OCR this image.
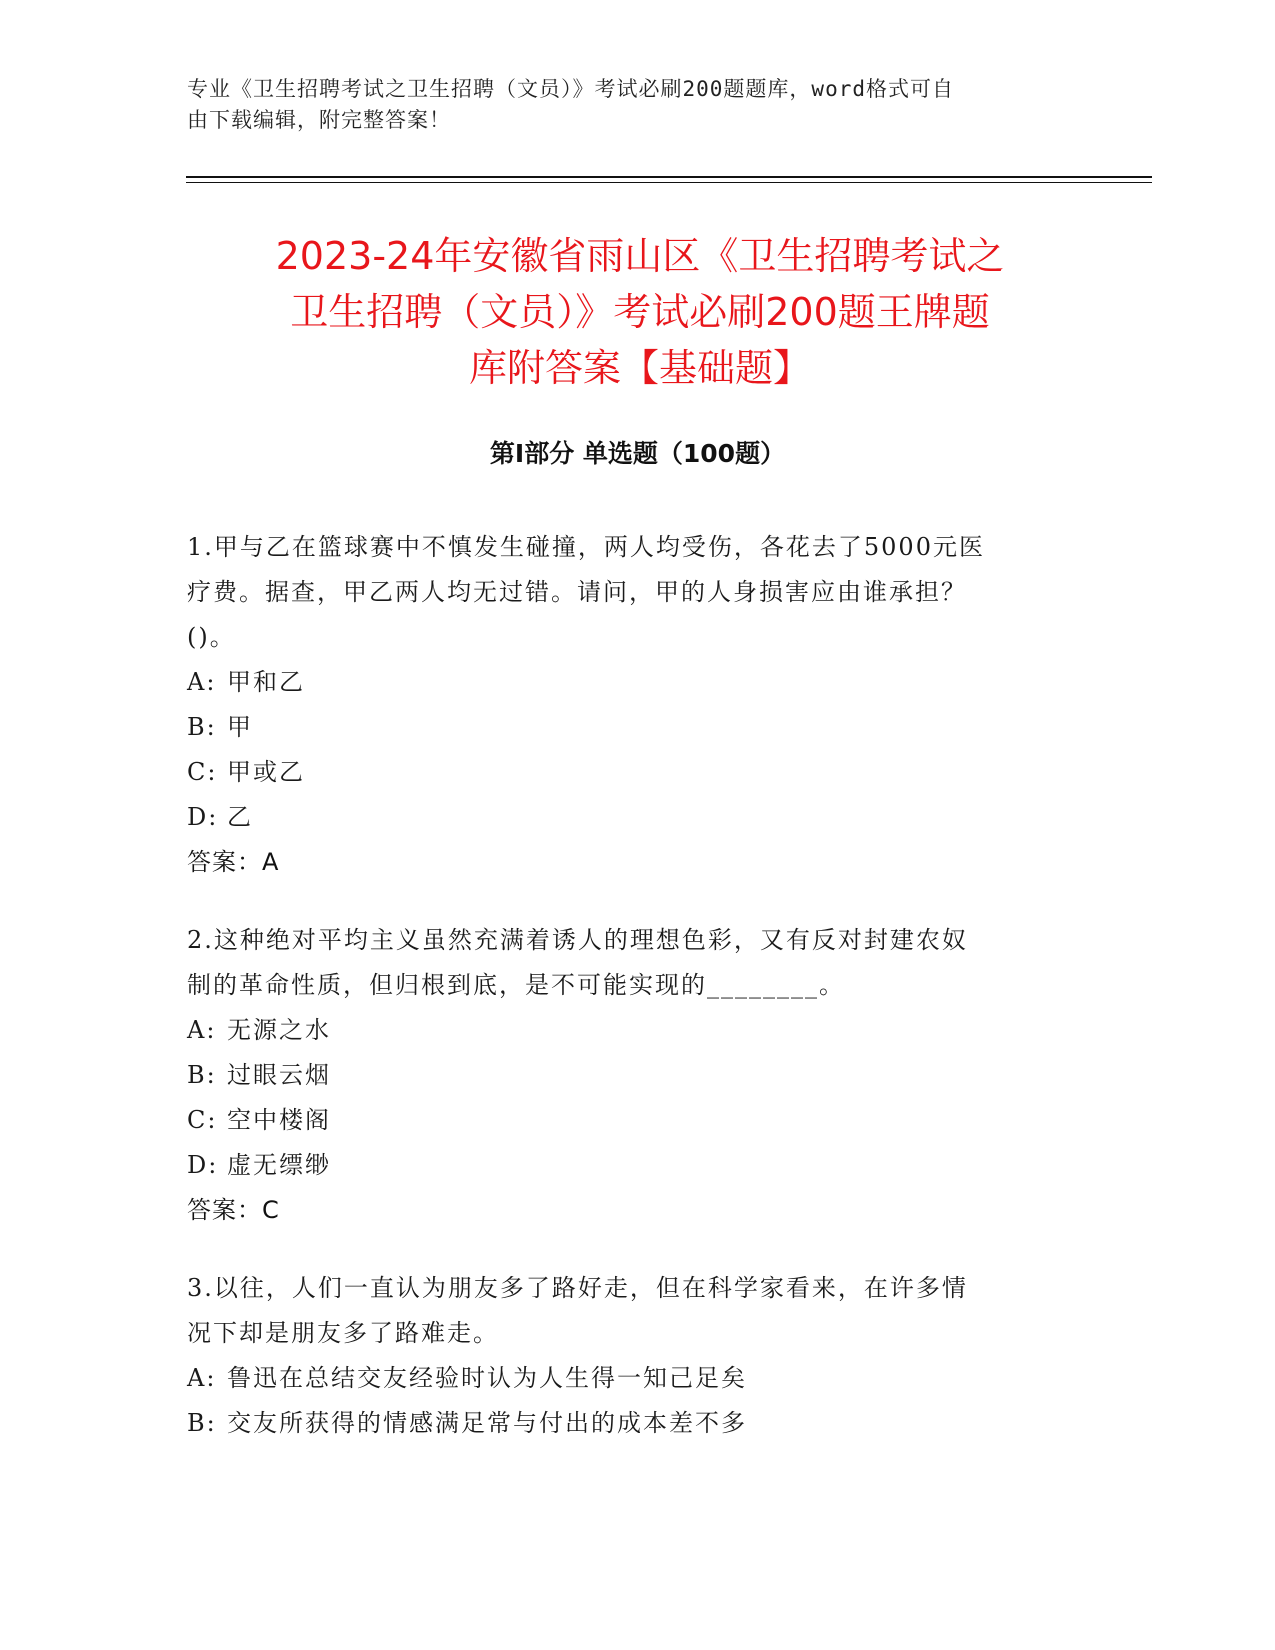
专业《卫生招聘考试之卫生招聘（文员）》考试必刷200题题库，word格式可自
由下载编辑，附完整答案！
2023-24年安徽省雨山区《卫生招聘考试之
卫生招聘（文员）》考试必刷200题王牌题
库附答案【基础题】
第Ⅰ部分 单选题（100题）

1.甲与乙在篮球赛中不慎发生碰撞，两人均受伤，各花去了5000元医

疗费。据查，甲乙两人均无过错。请问，甲的人身损害应由谁承担？

()。

A: 甲和乙

B: 甲

C: 甲或乙

D: 乙

答案：A

2.这种绝对平均主义虽然充满着诱人的理想色彩，又有反对封建农奴

制的革命性质，但归根到底，是不可能实现的________。

A: 无源之水

B: 过眼云烟

C: 空中楼阁

D: 虚无缥缈

答案：C

3.以往，人们一直认为朋友多了路好走，但在科学家看来，在许多情

况下却是朋友多了路难走。

A: 鲁迅在总结交友经验时认为人生得一知己足矣

B: 交友所获得的情感满足常与付出的成本差不多
